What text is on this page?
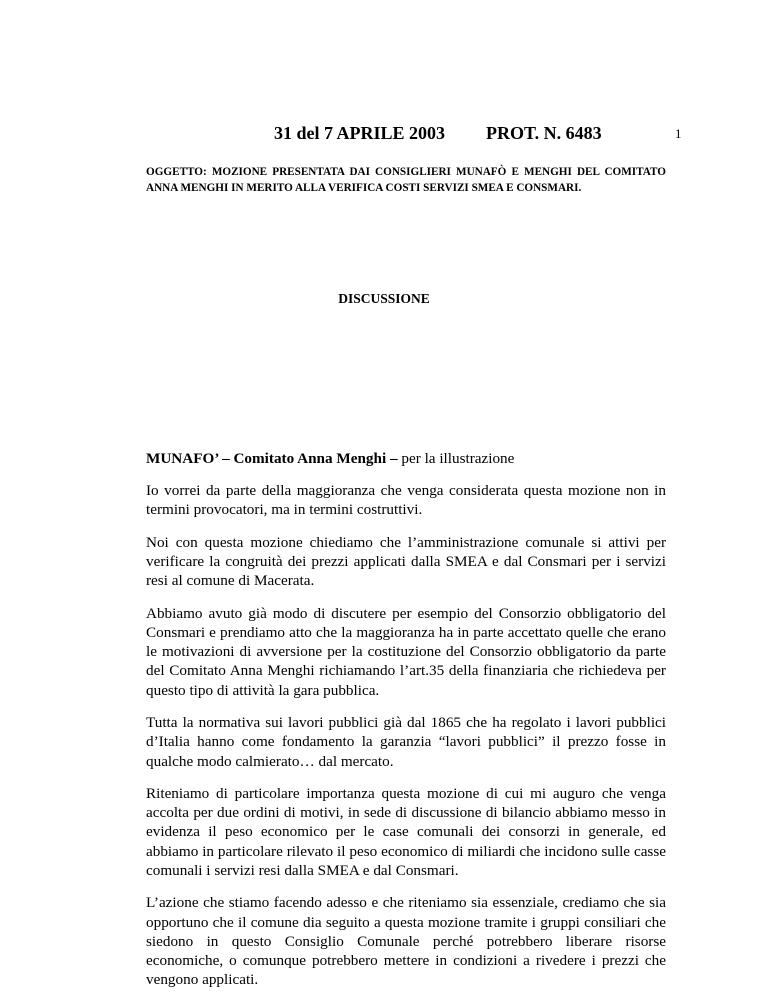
31 del 7 APRILE 2003 PROT. N. 6483	1
OGGETTO: MOZIONE PRESENTATA DAI CONSIGLIERI MUNAFÒ E MENGHI DEL COMITATO ANNA MENGHI IN MERITO ALLA VERIFICA COSTI SERVIZI SMEA E CONSMARI.
DISCUSSIONE
MUNAFO’ – Comitato Anna Menghi – per la illustrazione

Io vorrei da parte della maggioranza che venga considerata questa mozione non in termini provocatori, ma in termini costruttivi.

Noi con questa mozione chiediamo che l’amministrazione comunale si attivi per verificare la congruità dei prezzi applicati dalla SMEA e dal Consmari per i servizi resi al comune di Macerata.

Abbiamo avuto già modo di discutere per esempio del Consorzio obbligatorio del Consmari e prendiamo atto che la maggioranza ha in parte accettato quelle che erano le motivazioni di avversione per la costituzione del Consorzio obbligatorio da parte del Comitato Anna Menghi richiamando l’art.35 della finanziaria che richiedeva per questo tipo di attività la gara pubblica.

Tutta la normativa sui lavori pubblici già dal 1865 che ha regolato i lavori pubblici d’Italia hanno come fondamento la garanzia “lavori pubblici” il prezzo fosse in qualche modo calmierato… dal mercato.

Riteniamo di particolare importanza questa mozione di cui mi auguro che venga accolta per due ordini di motivi, in sede di discussione di bilancio abbiamo messo in evidenza il peso economico per le case comunali dei consorzi in generale, ed abbiamo in particolare rilevato il peso economico di miliardi che incidono sulle casse comunali i servizi resi dalla SMEA e dal Consmari.

L’azione che stiamo facendo adesso e che riteniamo sia essenziale, crediamo che sia opportuno che il comune dia seguito a questa mozione tramite i gruppi consiliari che siedono in questo Consiglio Comunale perché potrebbero liberare risorse economiche, o comunque potrebbero mettere in condizioni a rivedere i prezzi che vengono applicati.
